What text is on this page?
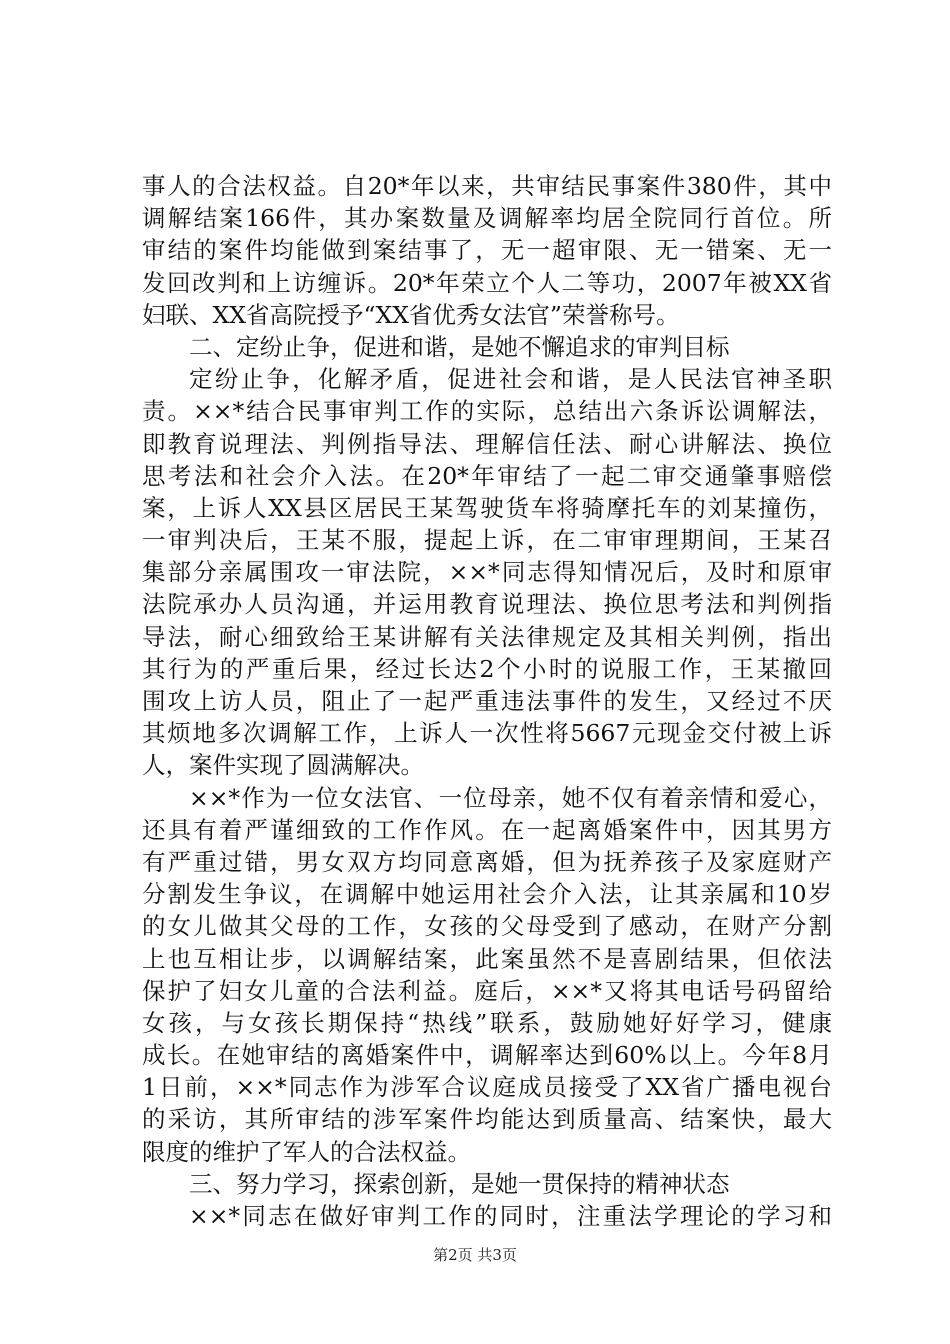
事人的合法权益。自20*年以来，共审结民事案件380件，其中
调解结案166件，其办案数量及调解率均居全院同行首位。所
审结的案件均能做到案结事了，无一超审限、无一错案、无一
发回改判和上访缠诉。20*年荣立个人二等功，2007年被XX省
妇联、XX省高院授予“XX省优秀女法官”荣誉称号。
二、定纷止争，促进和谐，是她不懈追求的审判目标
定纷止争，化解矛盾，促进社会和谐，是人民法官神圣职
责。××*结合民事审判工作的实际，总结出六条诉讼调解法，
即教育说理法、判例指导法、理解信任法、耐心讲解法、换位
思考法和社会介入法。在20*年审结了一起二审交通肇事赔偿
案，上诉人XX县区居民王某驾驶货车将骑摩托车的刘某撞伤，
一审判决后，王某不服，提起上诉，在二审审理期间，王某召
集部分亲属围攻一审法院，××*同志得知情况后，及时和原审
法院承办人员沟通，并运用教育说理法、换位思考法和判例指
导法，耐心细致给王某讲解有关法律规定及其相关判例，指出
其行为的严重后果，经过长达2个小时的说服工作，王某撤回
围攻上访人员，阻止了一起严重违法事件的发生，又经过不厌
其烦地多次调解工作，上诉人一次性将5667元现金交付被上诉
人，案件实现了圆满解决。
××*作为一位女法官、一位母亲，她不仅有着亲情和爱心，
还具有着严谨细致的工作作风。在一起离婚案件中，因其男方
有严重过错，男女双方均同意离婚，但为抚养孩子及家庭财产
分割发生争议，在调解中她运用社会介入法，让其亲属和10岁
的女儿做其父母的工作，女孩的父母受到了感动，在财产分割
上也互相让步，以调解结案，此案虽然不是喜剧结果，但依法
保护了妇女儿童的合法利益。庭后，××*又将其电话号码留给
女孩，与女孩长期保持“热线”联系，鼓励她好好学习，健康
成长。在她审结的离婚案件中，调解率达到60%以上。今年8月
1日前，××*同志作为涉军合议庭成员接受了XX省广播电视台
的采访，其所审结的涉军案件均能达到质量高、结案快，最大
限度的维护了军人的合法权益。
三、努力学习，探索创新，是她一贯保持的精神状态
××*同志在做好审判工作的同时，注重法学理论的学习和
第2页 共3页
